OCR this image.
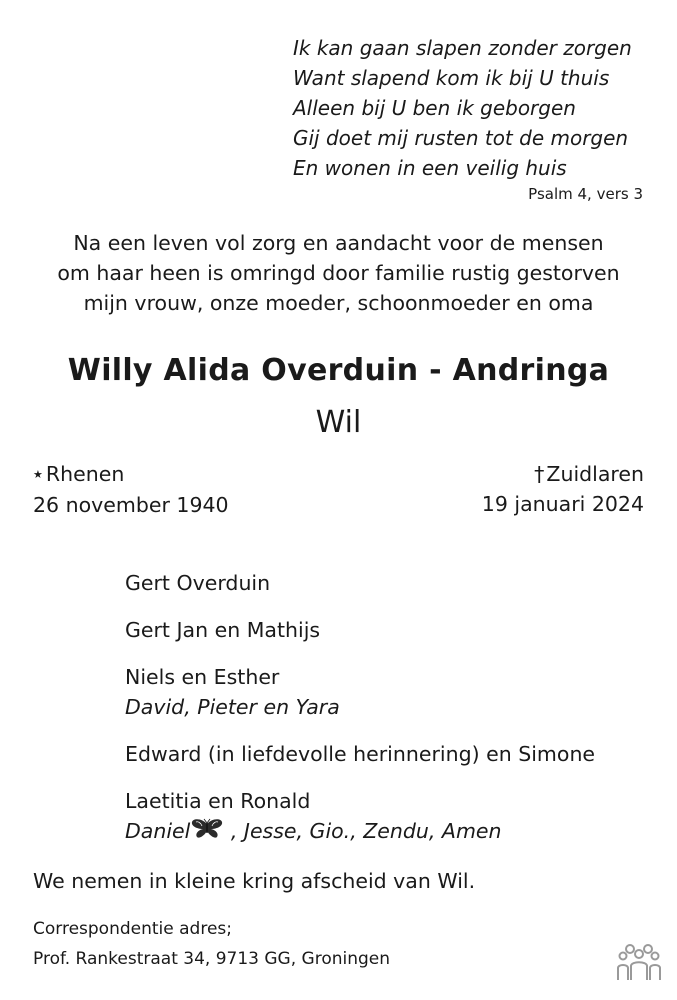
Ik kan gaan slapen zonder zorgen
Want slapend kom ik bij U thuis
Alleen bij U ben ik geborgen
Gij doet mij rusten tot de morgen
En wonen in een veilig huis
Psalm 4, vers 3
Na een leven vol zorg en aandacht voor de mensen
om haar heen is omringd door familie rustig gestorven
mijn vrouw, onze moeder, schoonmoeder en oma
Willy Alida Overduin - Andringa
Wil
★ Rhenen
26 november 1940
†Zuidlaren
19 januari 2024
Gert Overduin
Gert Jan en Mathijs
Niels en Esther
David, Pieter en Yara
Edward (in liefdevolle herinnering) en Simone
Laetitia en Ronald
Daniel , Jesse, Gio., Zendu, Amen
We nemen in kleine kring afscheid van Wil.
Correspondentie adres;
Prof. Rankestraat 34, 9713 GG, Groningen
